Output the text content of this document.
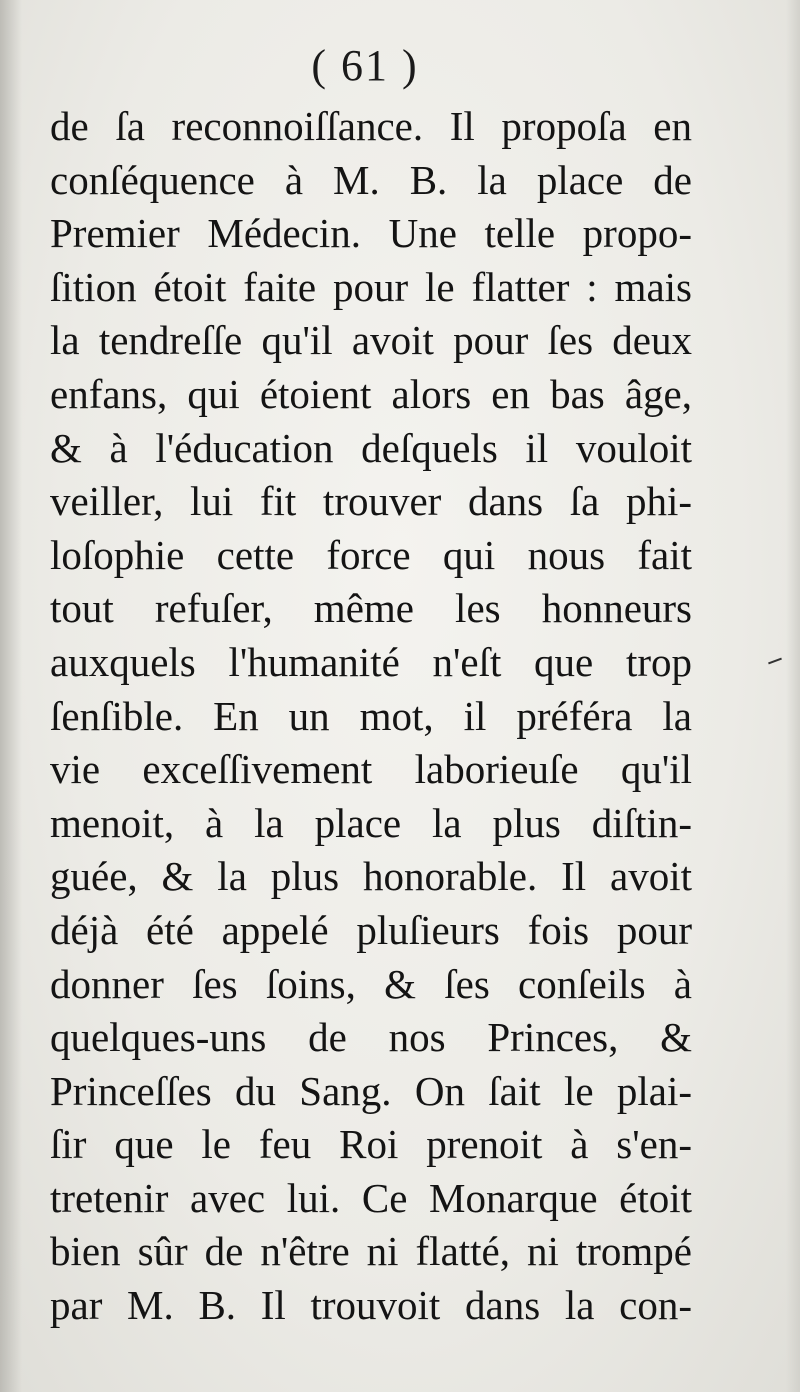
( 61 )
de ſa reconnoiſſance. Il propoſa en
conſéquence à M. B. la place de
Premier Médecin. Une telle propo-
ſition étoit faite pour le flatter : mais
la tendreſſe qu'il avoit pour ſes deux
enfans, qui étoient alors en bas âge,
& à l'éducation deſquels il vouloit
veiller, lui fit trouver dans ſa phi-
loſophie cette force qui nous fait
tout refuſer, même les honneurs
auxquels l'humanité n'eſt que trop
ſenſible. En un mot, il préféra la
vie exceſſivement laborieuſe qu'il
menoit, à la place la plus diſtin-
guée, & la plus honorable. Il avoit
déjà été appelé pluſieurs fois pour
donner ſes ſoins, & ſes conſeils à
quelques-uns de nos Princes, &
Princeſſes du Sang. On ſait le plai-
ſir que le feu Roi prenoit à s'en-
tretenir avec lui. Ce Monarque étoit
bien sûr de n'être ni flatté, ni trompé
par M. B. Il trouvoit dans la con-
